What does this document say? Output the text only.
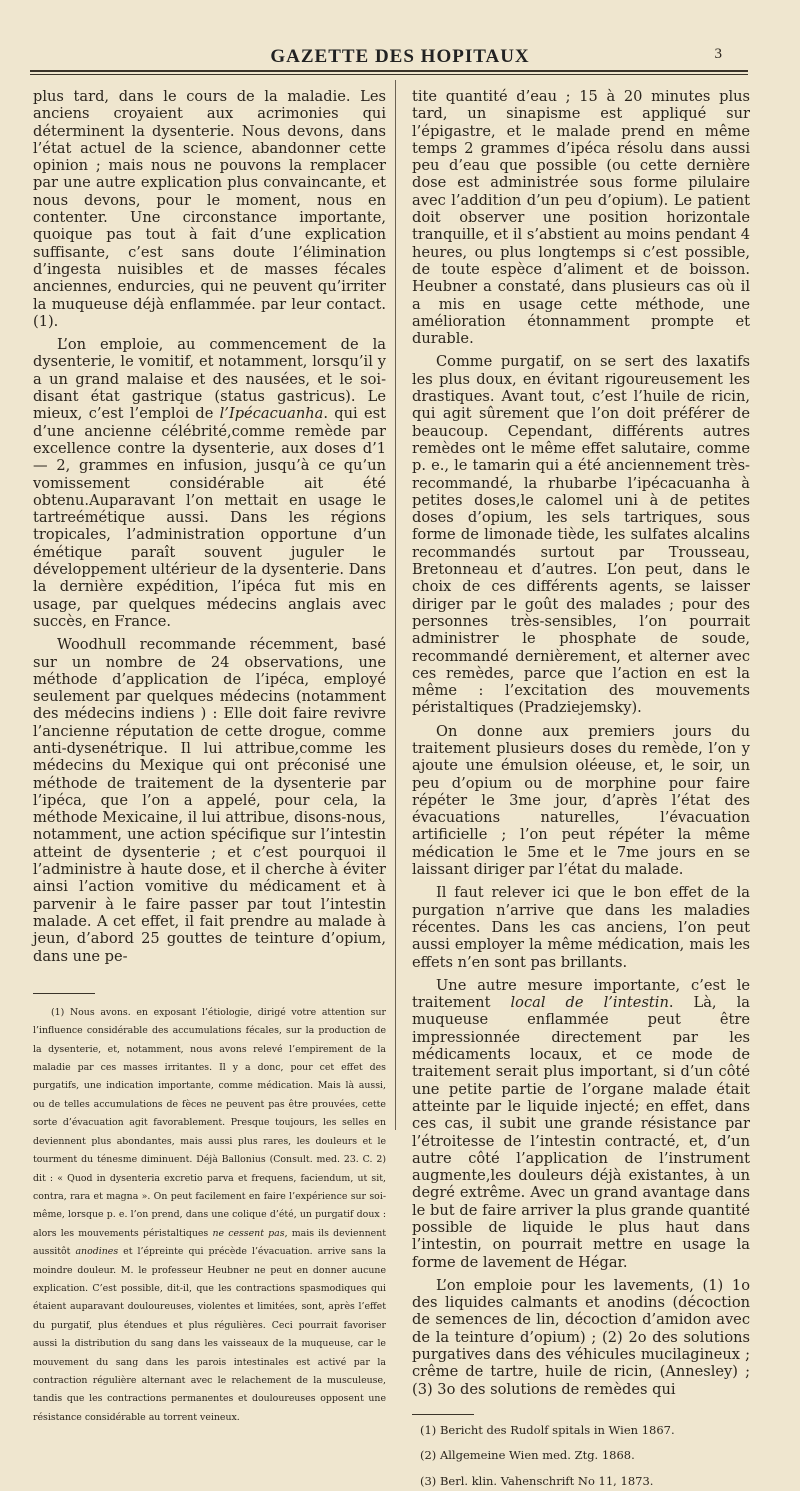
GAZETTE DES HOPITAUX	3

plus tard, dans le cours de la maladie. Les anciens croyaient aux acrimonies qui déterminent la dysenterie. Nous devons, dans l’état actuel de la science, abandonner cette opinion ; mais nous ne pouvons la remplacer par une autre explication plus convaincante, et nous devons, pour le moment, nous en contenter. Une circonstance importante, quoique pas tout à fait d’une explication suffisante, c’est sans doute l’élimination d’ingesta nuisibles et de masses fécales anciennes, endurcies, qui ne peuvent qu’irriter la muqueuse déjà enflammée. par leur contact. (1).

L’on emploie, au commencement de la dysenterie, le vomitif, et notamment, lorsqu’il y a un grand malaise et des nausées, et le soi-disant état gastrique (status gastricus). Le mieux, c’est l’emploi de l’Ipécacuanha. qui est d’une ancienne célébrité,comme remède par excellence contre la dysenterie, aux doses d’1 — 2, grammes en infusion, jusqu’à ce qu’un vomissement considérable ait été obtenu.Auparavant l’on mettait en usage le tartreémétique aussi. Dans les régions tropicales, l’administration opportune d’un émétique paraît souvent juguler le développement ultérieur de la dysenterie. Dans la dernière expédition, l’ipéca fut mis en usage, par quelques médecins anglais avec succès, en France.

Woodhull recommande récemment, basé sur un nombre de 24 observations, une méthode d’application de l’ipéca, employé seulement par quelques médecins (notamment des médecins indiens ) : Elle doit faire revivre l’ancienne réputation de cette drogue, comme anti-dysenétrique. Il lui attribue,comme les médecins du Mexique qui ont préconisé une méthode de traitement de la dysenterie par l’ipéca, que l’on a appelé, pour cela, la méthode Mexicaine, il lui attribue, disons-nous, notamment, une action spécifique sur l’intestin atteint de dysenterie ; et c’est pourquoi il l’administre à haute dose, et il cherche à éviter ainsi l’action vomitive du médicament et à parvenir à le faire passer par tout l’intestin malade. A cet effet, il fait prendre au malade à jeun, d’abord 25 gouttes de teinture d’opium, dans une pe-

(1) Nous avons. en exposant l’étiologie, dirigé votre attention sur l’influence considérable des accumulations fécales, sur la production de la dysenterie, et, notamment, nous avons relevé l’empirement de la maladie par ces masses irritantes. Il y a donc, pour cet effet des purgatifs, une indication importante, comme médication. Mais là aussi, ou de telles accumulations de fèces ne peuvent pas être prouvées, cette sorte d’évacuation agit favorablement. Presque toujours, les selles en deviennent plus abondantes, mais aussi plus rares, les douleurs et le tourment du ténesme diminuent. Déjà Ballonius (Consult. med. 23. C. 2) dit : « Quod in dysenteria excretio parva et frequens, faciendum, ut sit, contra, rara et magna ». On peut facilement en faire l’expérience sur soi-même, lorsque p. e. l’on prend, dans une colique d’été, un purgatif doux : alors les mouvements péristaltiques ne cessent pas, mais ils deviennent aussitôt anodines et l’épreinte qui précède l’évacuation. arrive sans la moindre douleur. M. le professeur Heubner ne peut en donner aucune explication. C’est possible, dit-il, que les contractions spasmodiques qui étaient auparavant douloureuses, violentes et limitées, sont, après l’effet du purgatif, plus étendues et plus régulières. Ceci pourrait favoriser aussi la distribution du sang dans les vaisseaux de la muqueuse, car le mouvement du sang dans les parois intestinales est activé par la contraction régulière alternant avec le relachement de la musculeuse, tandis que les contractions permanentes et douloureuses opposent une résistance considérable au torrent veineux.

tite quantité d’eau ; 15 à 20 minutes plus tard, un sinapisme est appliqué sur l’épigastre, et le malade prend en même temps 2 grammes d’ipéca résolu dans aussi peu d’eau que possible (ou cette dernière dose est administrée sous forme pilulaire avec l’addition d’un peu d’opium). Le patient doit observer une position horizontale tranquille, et il s’abstient au moins pendant 4 heures, ou plus longtemps si c’est possible, de toute espèce d’aliment et de boisson. Heubner a constaté, dans plusieurs cas où il a mis en usage cette méthode, une amélioration étonnamment prompte et durable.

Comme purgatif, on se sert des laxatifs les plus doux, en évitant rigoureusement les drastiques. Avant tout, c’est l’huile de ricin, qui agit sûrement que l’on doit préférer de beaucoup. Cependant, différents autres remèdes ont le même effet salutaire, comme p. e., le tamarin qui a été anciennement très-recommandé, la rhubarbe l’ipécacuanha à petites doses,le calomel uni à de petites doses d’opium, les sels tartriques, sous forme de limonade tiède, les sulfates alcalins recommandés surtout par Trousseau, Bretonneau et d’autres. L’on peut, dans le choix de ces différents agents, se laisser diriger par le goût des malades ; pour des personnes très-sensibles, l’on pourrait administrer le phosphate de soude, recommandé dernièrement, et alterner avec ces remèdes, parce que l’action en est la même : l’excitation des mouvements péristaltiques (Pradziejemsky).

On donne aux premiers jours du traitement plusieurs doses du remède, l’on y ajoute une émulsion oléeuse, et, le soir, un peu d’opium ou de morphine pour faire répéter le 3me jour, d’après l’état des évacuations naturelles, l’évacuation artificielle ; l’on peut répéter la même médication le 5me et le 7me jours en se laissant diriger par l’état du malade.

Il faut relever ici que le bon effet de la purgation n’arrive que dans les maladies récentes. Dans les cas anciens, l’on peut aussi employer la même médication, mais les effets n’en sont pas brillants.

Une autre mesure importante, c’est le traitement local de l’intestin. Là, la muqueuse enflammée peut être impressionnée directement par les médicaments locaux, et ce mode de traitement serait plus important, si d’un côté une petite partie de l’organe malade était atteinte par le liquide injecté; en effet, dans ces cas, il subit une grande résistance par l’étroitesse de l’intestin contracté, et, d’un autre côté l’application de l’instrument augmente,les douleurs déjà existantes, à un degré extrême. Avec un grand avantage dans le but de faire arriver la plus grande quantité possible de liquide le plus haut dans l’intestin, on pourrait mettre en usage la forme de lavement de Hégar.

L’on emploie pour les lavements, (1) 1o des liquides calmants et anodins (décoction de semences de lin, décoction d’amidon avec de la teinture d’opium) ; (2) 2o des solutions purgatives dans des véhicules mucilagineux ; crême de tartre, huile de ricin, (Annesley) ; (3) 3o des solutions de remèdes qui

(1) Bericht des Rudolf spitals in Wien 1867.

(2) Allgemeine Wien med. Ztg. 1868.

(3) Berl. klin. Vahenschrift No 11, 1873.
